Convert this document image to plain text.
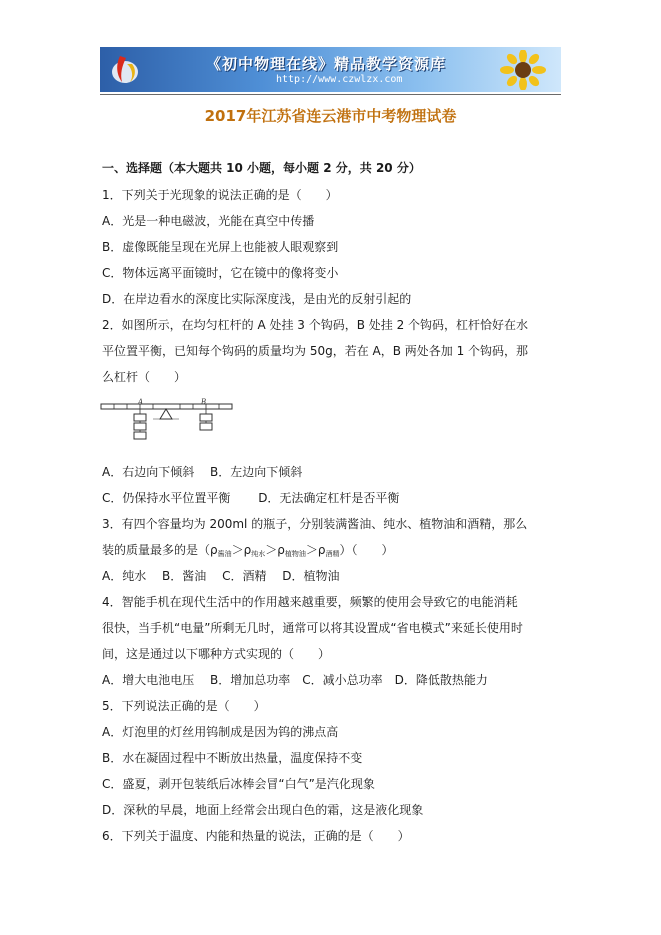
《初中物理在线》精品教学资源库
http://www.czwlzx.com
2017年江苏省连云港市中考物理试卷
一、选择题（本大题共 10 小题，每小题 2 分，共 20 分）
1．下列关于光现象的说法正确的是（　　）
A．光是一种电磁波，光能在真空中传播
B．虚像既能呈现在光屏上也能被人眼观察到
C．物体远离平面镜时，它在镜中的像将变小
D．在岸边看水的深度比实际深度浅，是由光的反射引起的
2．如图所示，在均匀杠杆的 A 处挂 3 个钩码，B 处挂 2 个钩码，杠杆恰好在水
平位置平衡，已知每个钩码的质量均为 50g，若在 A，B 两处各加 1 个钩码，那
么杠杆（　　）
A	B
A．右边向下倾斜　 B．左边向下倾斜
C．仍保持水平位置平衡　　 D．无法确定杠杆是否平衡
3．有四个容量均为 200ml 的瓶子，分别装满酱油、纯水、植物油和酒精，那么
装的质量最多的是$(\rho_{酱油}>\rho_{纯水}>\rho_{植物油}>\rho_{酒精})$（　　）
A．纯水　 B．酱油　 C．酒精　 D．植物油
4．智能手机在现代生活中的作用越来越重要，频繁的使用会导致它的电能消耗
很快，当手机“电量”所剩无几时，通常可以将其设置成“省电模式”来延长使用时
间，这是通过以下哪种方式实现的（　　）
A．增大电池电压　 B．增加总功率　C．减小总功率　D．降低散热能力
5．下列说法正确的是（　　）
A．灯泡里的灯丝用钨制成是因为钨的沸点高
B．水在凝固过程中不断放出热量，温度保持不变
C．盛夏，剥开包装纸后冰棒会冒“白气”是汽化现象
D．深秋的早晨，地面上经常会出现白色的霜，这是液化现象
6．下列关于温度、内能和热量的说法，正确的是（　　）
